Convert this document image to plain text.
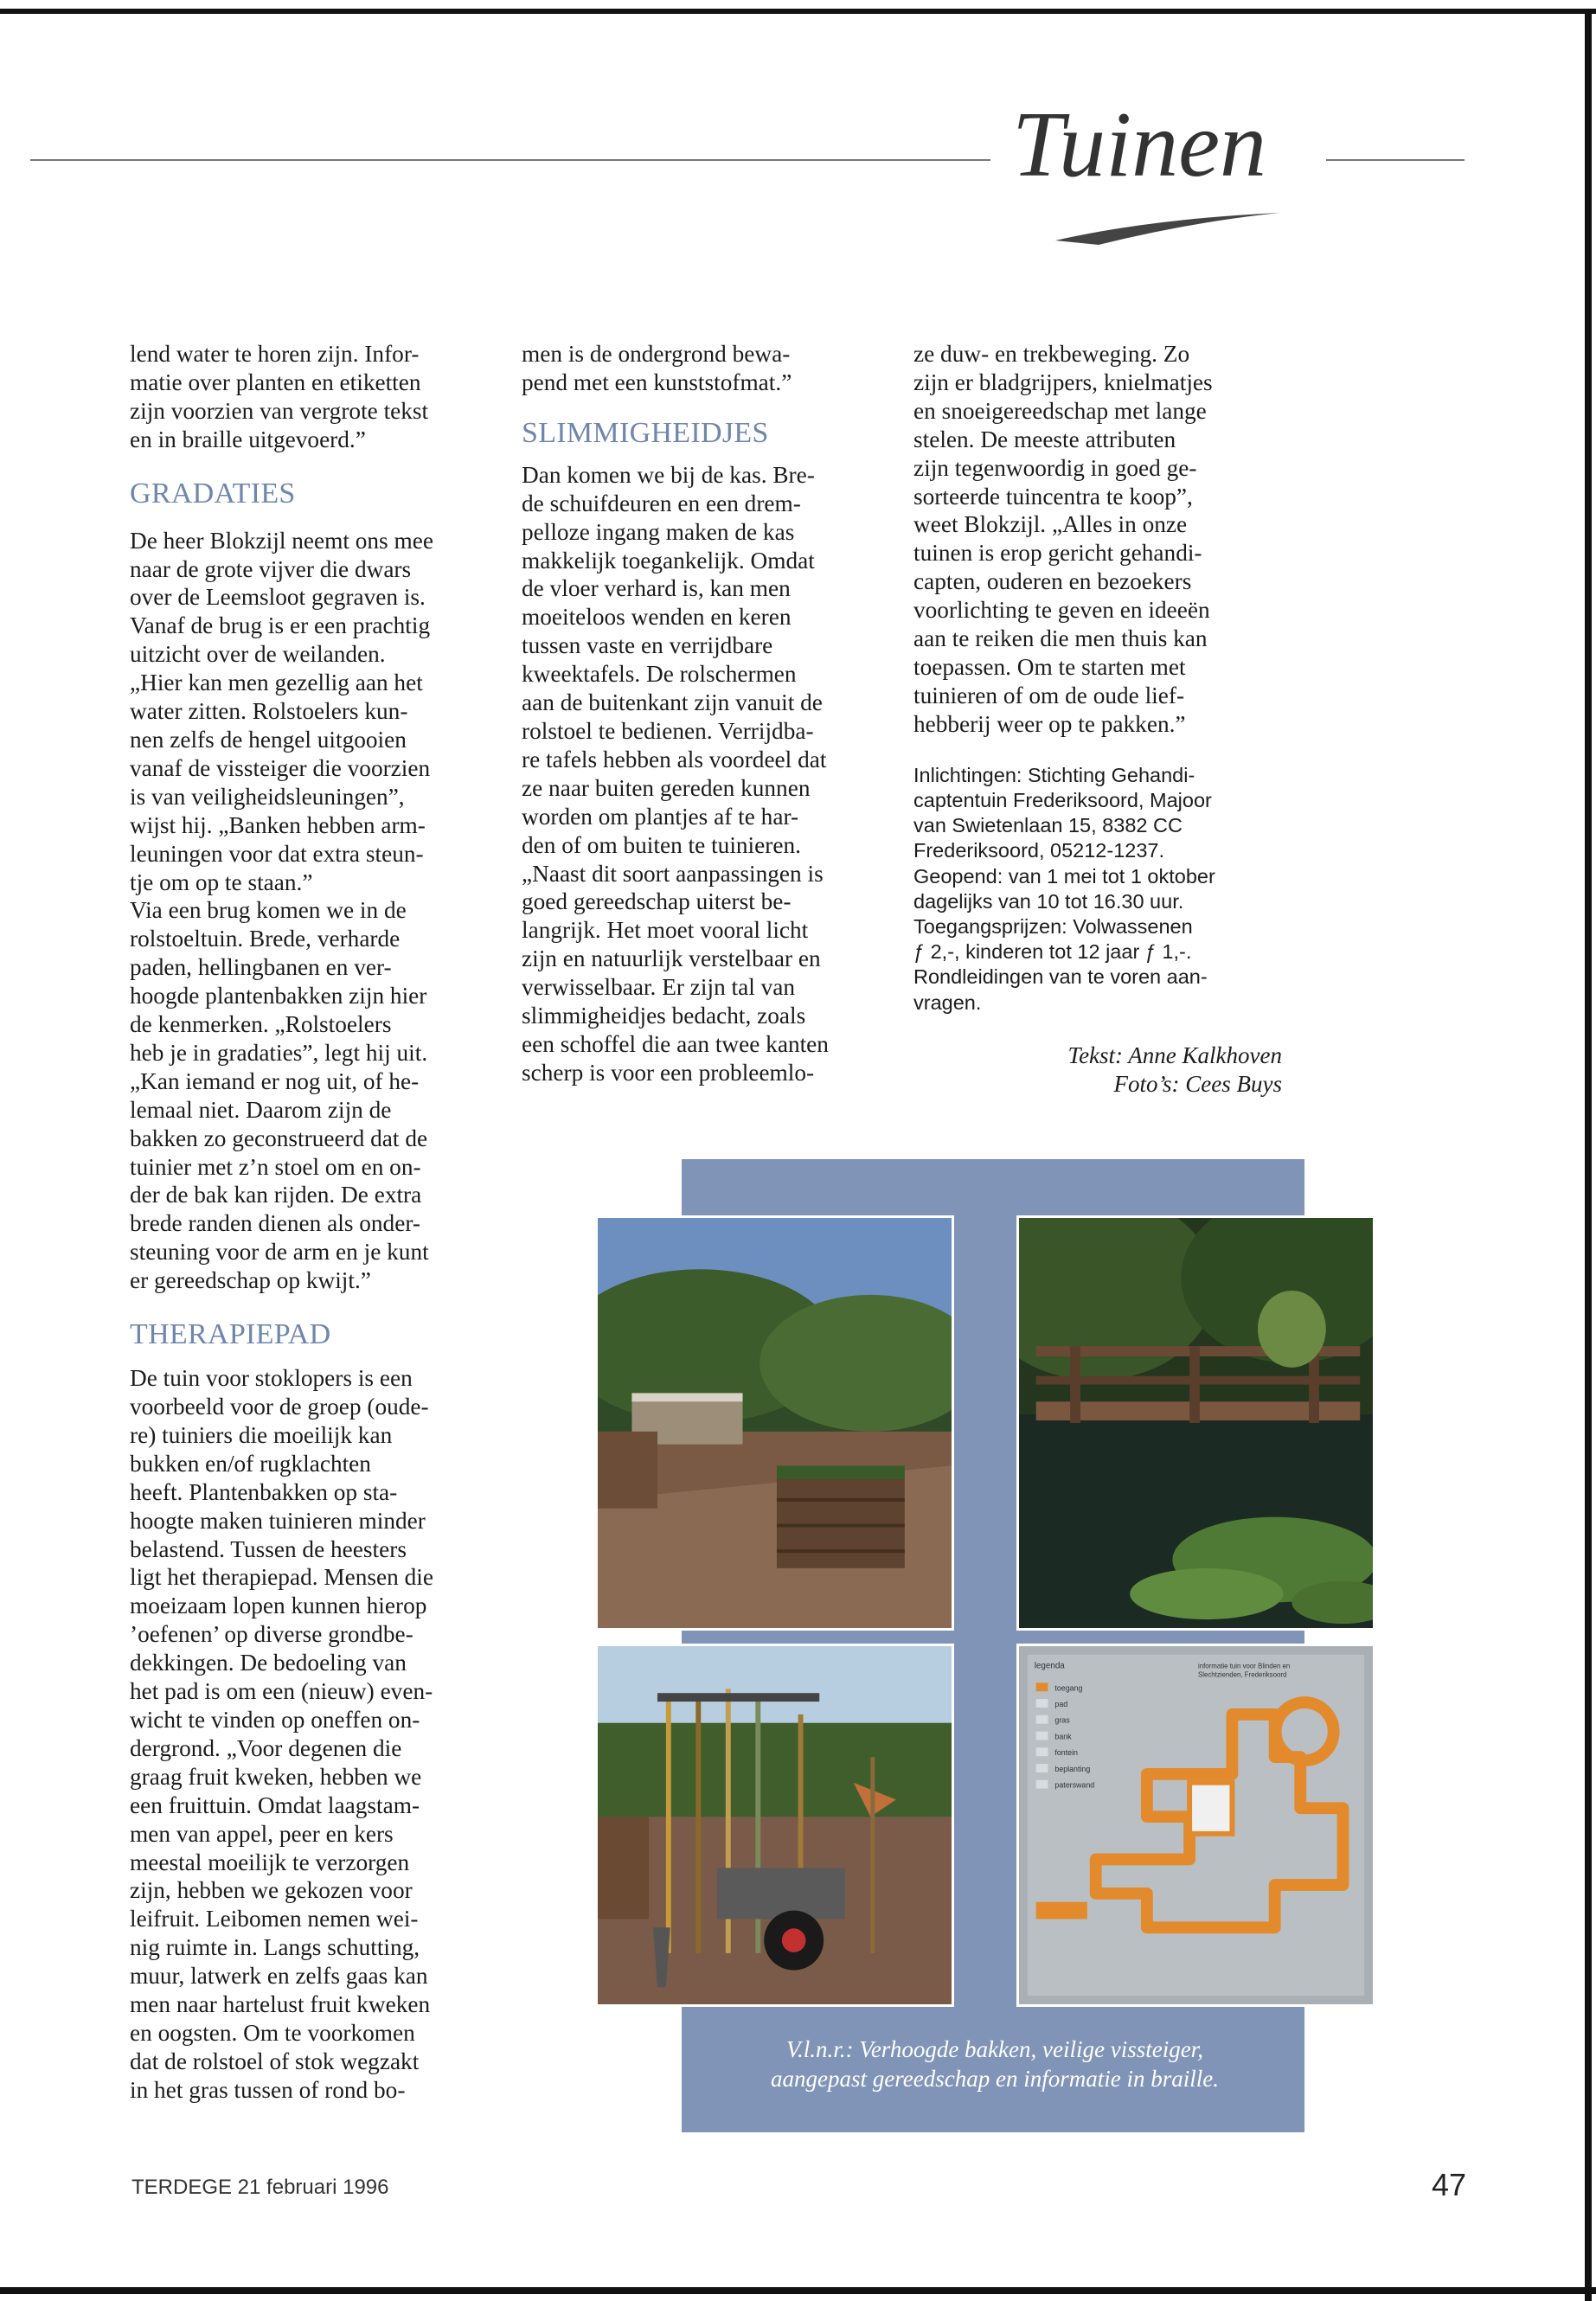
Tuinen

lend water te horen zijn. Infor-

matie over planten en etiketten

zijn voorzien van vergrote tekst

en in braille uitgevoerd.”

GRADATIES

De heer Blokzijl neemt ons mee

naar de grote vijver die dwars

over de Leemsloot gegraven is.

Vanaf de brug is er een prachtig

uitzicht over de weilanden.

„Hier kan men gezellig aan het

water zitten. Rolstoelers kun-

nen zelfs de hengel uitgooien

vanaf de vissteiger die voorzien

is van veiligheidsleuningen”,

wijst hij. „Banken hebben arm-

leuningen voor dat extra steun-

tje om op te staan.”

Via een brug komen we in de

rolstoeltuin. Brede, verharde

paden, hellingbanen en ver-

hoogde plantenbakken zijn hier

de kenmerken. „Rolstoelers

heb je in gradaties”, legt hij uit.

„Kan iemand er nog uit, of he-

lemaal niet. Daarom zijn de

bakken zo geconstrueerd dat de

tuinier met z’n stoel om en on-

der de bak kan rijden. De extra

brede randen dienen als onder-

steuning voor de arm en je kunt

er gereedschap op kwijt.”

THERAPIEPAD

De tuin voor stoklopers is een

voorbeeld voor de groep (oude-

re) tuiniers die moeilijk kan

bukken en/of rugklachten

heeft. Plantenbakken op sta-

hoogte maken tuinieren minder

belastend. Tussen de heesters

ligt het therapiepad. Mensen die

moeizaam lopen kunnen hierop

’oefenen’ op diverse grondbe-

dekkingen. De bedoeling van

het pad is om een (nieuw) even-

wicht te vinden op oneffen on-

dergrond. „Voor degenen die

graag fruit kweken, hebben we

een fruittuin. Omdat laagstam-

men van appel, peer en kers

meestal moeilijk te verzorgen

zijn, hebben we gekozen voor

leifruit. Leibomen nemen wei-

nig ruimte in. Langs schutting,

muur, latwerk en zelfs gaas kan

men naar hartelust fruit kweken

en oogsten. Om te voorkomen

dat de rolstoel of stok wegzakt

in het gras tussen of rond bo-

men is de ondergrond bewa-

pend met een kunststofmat.”

SLIMMIGHEIDJES

Dan komen we bij de kas. Bre-

de schuifdeuren en een drem-

pelloze ingang maken de kas

makkelijk toegankelijk. Omdat

de vloer verhard is, kan men

moeiteloos wenden en keren

tussen vaste en verrijdbare

kweektafels. De rolschermen

aan de buitenkant zijn vanuit de

rolstoel te bedienen. Verrijdba-

re tafels hebben als voordeel dat

ze naar buiten gereden kunnen

worden om plantjes af te har-

den of om buiten te tuinieren.

„Naast dit soort aanpassingen is

goed gereedschap uiterst be-

langrijk. Het moet vooral licht

zijn en natuurlijk verstelbaar en

verwisselbaar. Er zijn tal van

slimmigheidjes bedacht, zoals

een schoffel die aan twee kanten

scherp is voor een probleemlo-

ze duw- en trekbeweging. Zo

zijn er bladgrijpers, knielmatjes

en snoeigereedschap met lange

stelen. De meeste attributen

zijn tegenwoordig in goed ge-

sorteerde tuincentra te koop”,

weet Blokzijl. „Alles in onze

tuinen is erop gericht gehandi-

capten, ouderen en bezoekers

voorlichting te geven en ideeën

aan te reiken die men thuis kan

toepassen. Om te starten met

tuinieren of om de oude lief-

hebberij weer op te pakken.”

Inlichtingen: Stichting Gehandi-

captentuin Frederiksoord, Majoor

van Swietenlaan 15, 8382 CC

Frederiksoord, 05212-1237.

Geopend: van 1 mei tot 1 oktober

dagelijks van 10 tot 16.30 uur.

Toegangsprijzen: Volwassenen

ƒ 2,-, kinderen tot 12 jaar ƒ 1,-.

Rondleidingen van te voren aan-

vragen.

Tekst: Anne Kalkhoven

Foto’s: Cees Buys

legenda	informatie tuin voor Blinden en
Slechtzienden, Frederiksoord
toegang
pad
gras
bank
fontein
beplanting
paterswand

V.l.n.r.: Verhoogde bakken, veilige vissteiger,

aangepast gereedschap en informatie in braille.

TERDEGE 21 februari 1996	47
